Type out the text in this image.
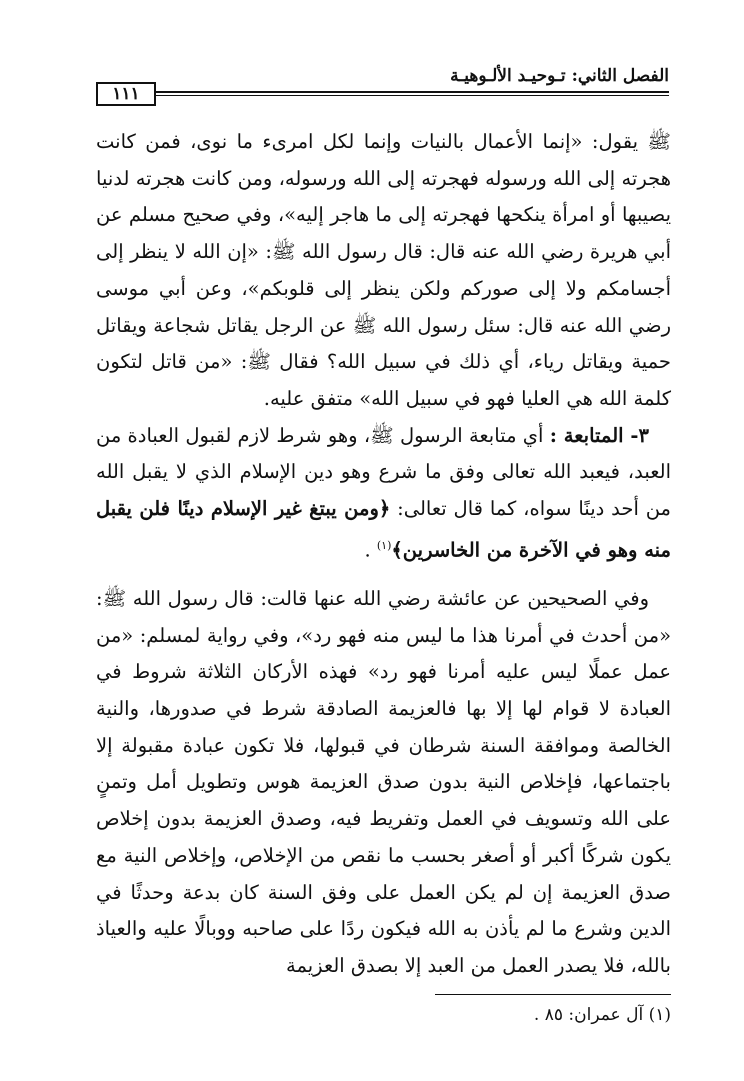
الفصل الثاني: تـوحيـد الألـوهيـة
١١١

ﷺ يقول: «إنما الأعمال بالنيات وإنما لكل امرىء ما نوى، فمن كانت هجرته إلى الله ورسوله فهجرته إلى الله ورسوله، ومن كانت هجرته لدنيا يصيبها أو امرأة ينكحها فهجرته إلى ما هاجر إليه»، وفي صحيح مسلم عن أبي هريرة رضي الله عنه قال: قال رسول الله ﷺ: «إن الله لا ينظر إلى أجسامكم ولا إلى صوركم ولكن ينظر إلى قلوبكم»، وعن أبي موسى رضي الله عنه قال: سئل رسول الله ﷺ عن الرجل يقاتل شجاعة ويقاتل حمية ويقاتل رياء، أي ذلك في سبيل الله؟ فقال ﷺ: «من قاتل لتكون كلمة الله هي العليا فهو في سبيل الله» متفق عليه.

٣- المتابعة : أي متابعة الرسول ﷺ، وهو شرط لازم لقبول العبادة من العبد، فيعبد الله تعالى وفق ما شرع وهو دين الإسلام الذي لا يقبل الله من أحد دينًا سواه، كما قال تعالى: ﴿ومن يبتغ غير الإسلام دينًا فلن يقبل منه وهو في الآخرة من الخاسرين﴾$^{(١)}$ .

وفي الصحيحين عن عائشة رضي الله عنها قالت: قال رسول الله ﷺ: «من أحدث في أمرنا هذا ما ليس منه فهو رد»، وفي رواية لمسلم: «من عمل عملًا ليس عليه أمرنا فهو رد» فهذه الأركان الثلاثة شروط في العبادة لا قوام لها إلا بها فالعزيمة الصادقة شرط في صدورها، والنية الخالصة وموافقة السنة شرطان في قبولها، فلا تكون عبادة مقبولة إلا باجتماعها، فإخلاص النية بدون صدق العزيمة هوس وتطويل أمل وتمنٍ على الله وتسويف في العمل وتفريط فيه، وصدق العزيمة بدون إخلاص يكون شركًا أكبر أو أصغر بحسب ما نقص من الإخلاص، وإخلاص النية مع صدق العزيمة إن لم يكن العمل على وفق السنة كان بدعة وحدثًا في الدين وشرع ما لم يأذن به الله فيكون ردًا على صاحبه ووبالًا عليه والعياذ بالله، فلا يصدر العمل من العبد إلا بصدق العزيمة

(١) آل عمران: ٨٥ .
